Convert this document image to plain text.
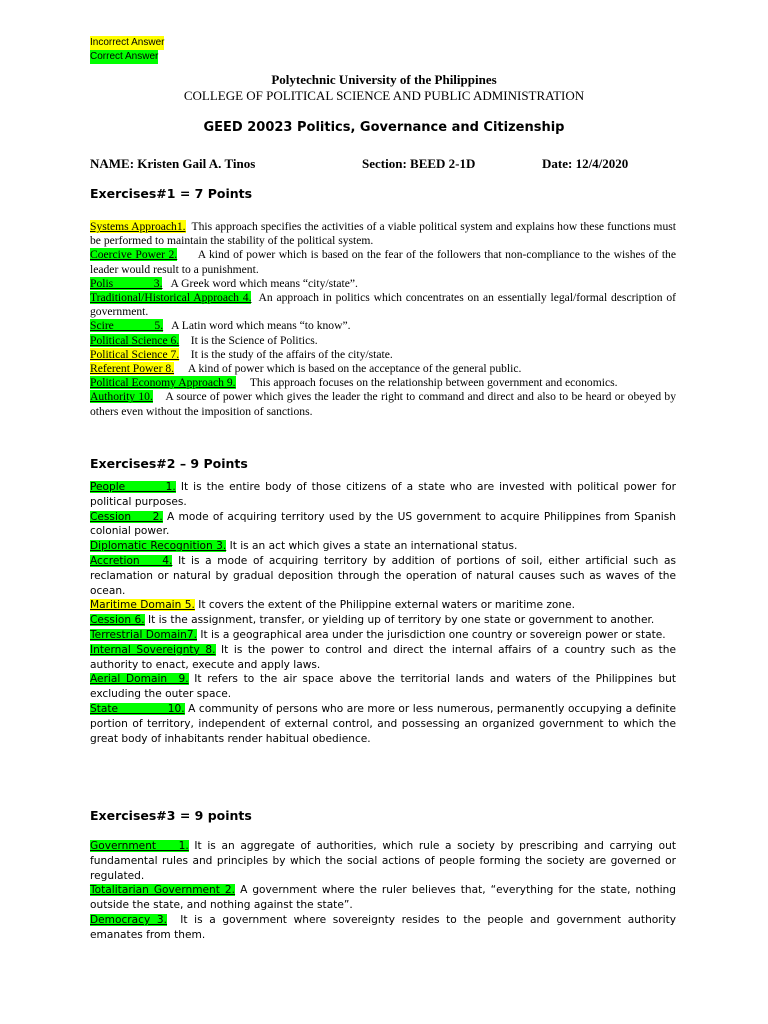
Incorrect Answer
Correct Answer
Polytechnic University of the Philippines
COLLEGE OF POLITICAL SCIENCE AND PUBLIC ADMINISTRATION
GEED 20023 Politics, Governance and Citizenship
NAME: Kristen Gail A. Tinos	Section: BEED 2-1D	Date: 12/4/2020
Exercises#1 = 7 Points
Systems Approach1.  This approach specifies the activities of a viable political system and explains how these functions must be performed to maintain the stability of the political system.
Coercive Power 2.      A kind of power which is based on the fear of the followers that non-compliance to the wishes of the leader would result to a punishment.
Polis              3.   A Greek word which means “city/state”.
Traditional/Historical Approach 4.  An approach in politics which concentrates on an essentially legal/formal description of government.
Scire              5.   A Latin word which means “to know”.
Political Science 6.    It is the Science of Politics.
Political Science 7.    It is the study of the affairs of the city/state.
Referent Power 8.     A kind of power which is based on the acceptance of the general public.
Political Economy Approach 9.     This approach focuses on the relationship between government and economics.
Authority 10.    A source of power which gives the leader the right to command and direct and also to be heard or obeyed by others even without the imposition of sanctions.
Exercises#2 – 9 Points
People        1. It is the entire body of those citizens of a state who are invested with political power for political purposes.
Cession     2. A mode of acquiring territory used by the US government to acquire Philippines from Spanish colonial power.
Diplomatic Recognition 3. It is an act which gives a state an international status.
Accretion    4. It is a mode of acquiring territory by addition of portions of soil, either artificial such as reclamation or natural by gradual deposition through the operation of natural causes such as waves of the ocean.
Maritime Domain 5. It covers the extent of the Philippine external waters or maritime zone.
Cession 6. It is the assignment, transfer, or yielding up of territory by one state or government to another.
Terrestrial Domain7. It is a geographical area under the jurisdiction one country or sovereign power or state.
Internal Sovereignty 8. It is the power to control and direct the internal affairs of a country such as the authority to enact, execute and apply laws.
Aerial Domain  9. It refers to the air space above the territorial lands and waters of the Philippines but excluding the outer space.
State              10. A community of persons who are more or less numerous, permanently occupying a definite portion of territory, independent of external control, and possessing an organized government to which the great body of inhabitants render habitual obedience.
Exercises#3 = 9 points
Government    1. It is an aggregate of authorities, which rule a society by prescribing and carrying out fundamental rules and principles by which the social actions of people forming the society are governed or regulated.
Totalitarian Government 2. A government where the ruler believes that, “everything for the state, nothing outside the state, and nothing against the state”.
Democracy 3.  It is a government where sovereignty resides to the people and government authority emanates from them.
